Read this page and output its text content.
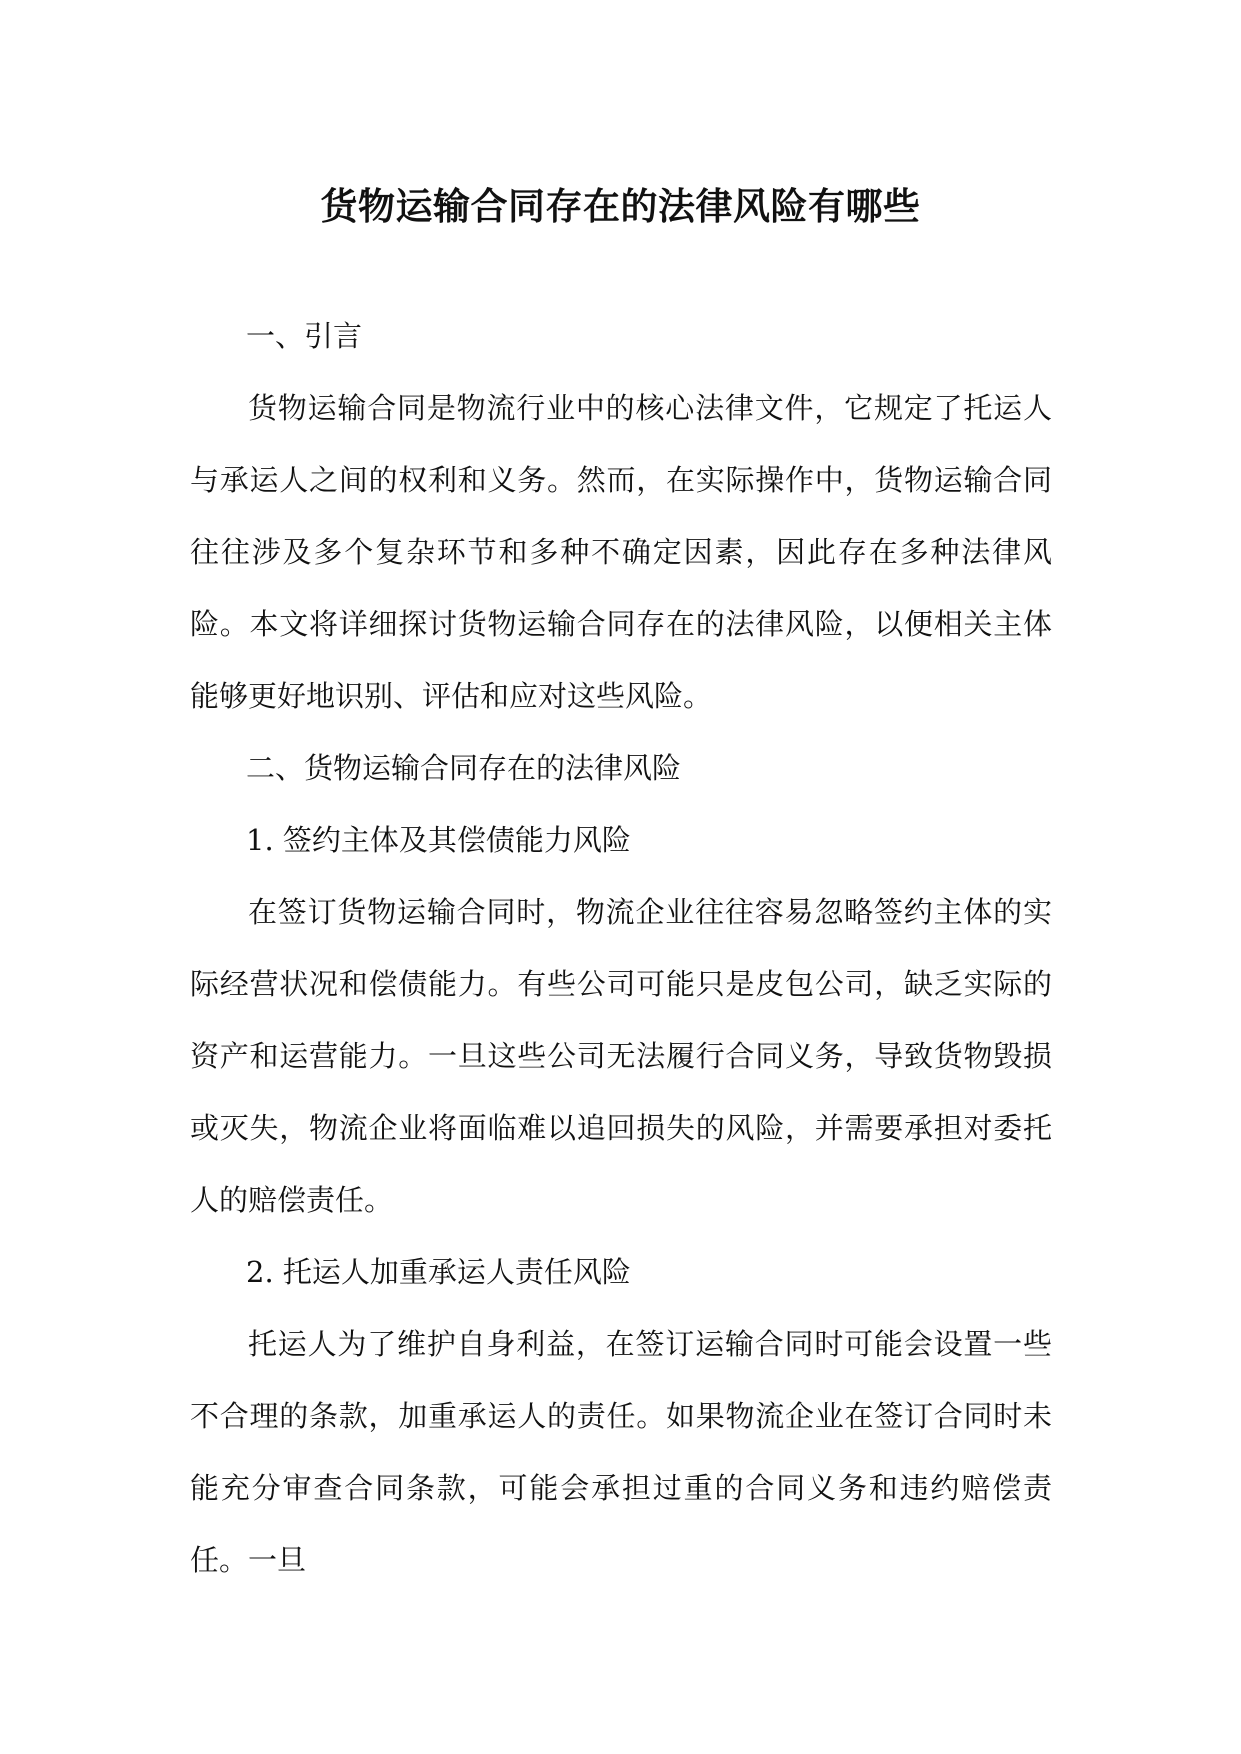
货物运输合同存在的法律风险有哪些

一、引言

货物运输合同是物流行业中的核心法律文件，它规定了托运人与承运人之间的权利和义务。然而，在实际操作中，货物运输合同往往涉及多个复杂环节和多种不确定因素，因此存在多种法律风险。本文将详细探讨货物运输合同存在的法律风险，以便相关主体能够更好地识别、评估和应对这些风险。

二、货物运输合同存在的法律风险

1. 签约主体及其偿债能力风险

在签订货物运输合同时，物流企业往往容易忽略签约主体的实际经营状况和偿债能力。有些公司可能只是皮包公司，缺乏实际的资产和运营能力。一旦这些公司无法履行合同义务，导致货物毁损或灭失，物流企业将面临难以追回损失的风险，并需要承担对委托人的赔偿责任。

2. 托运人加重承运人责任风险

托运人为了维护自身利益，在签订运输合同时可能会设置一些不合理的条款，加重承运人的责任。如果物流企业在签订合同时未能充分审查合同条款，可能会承担过重的合同义务和违约赔偿责任。一旦
